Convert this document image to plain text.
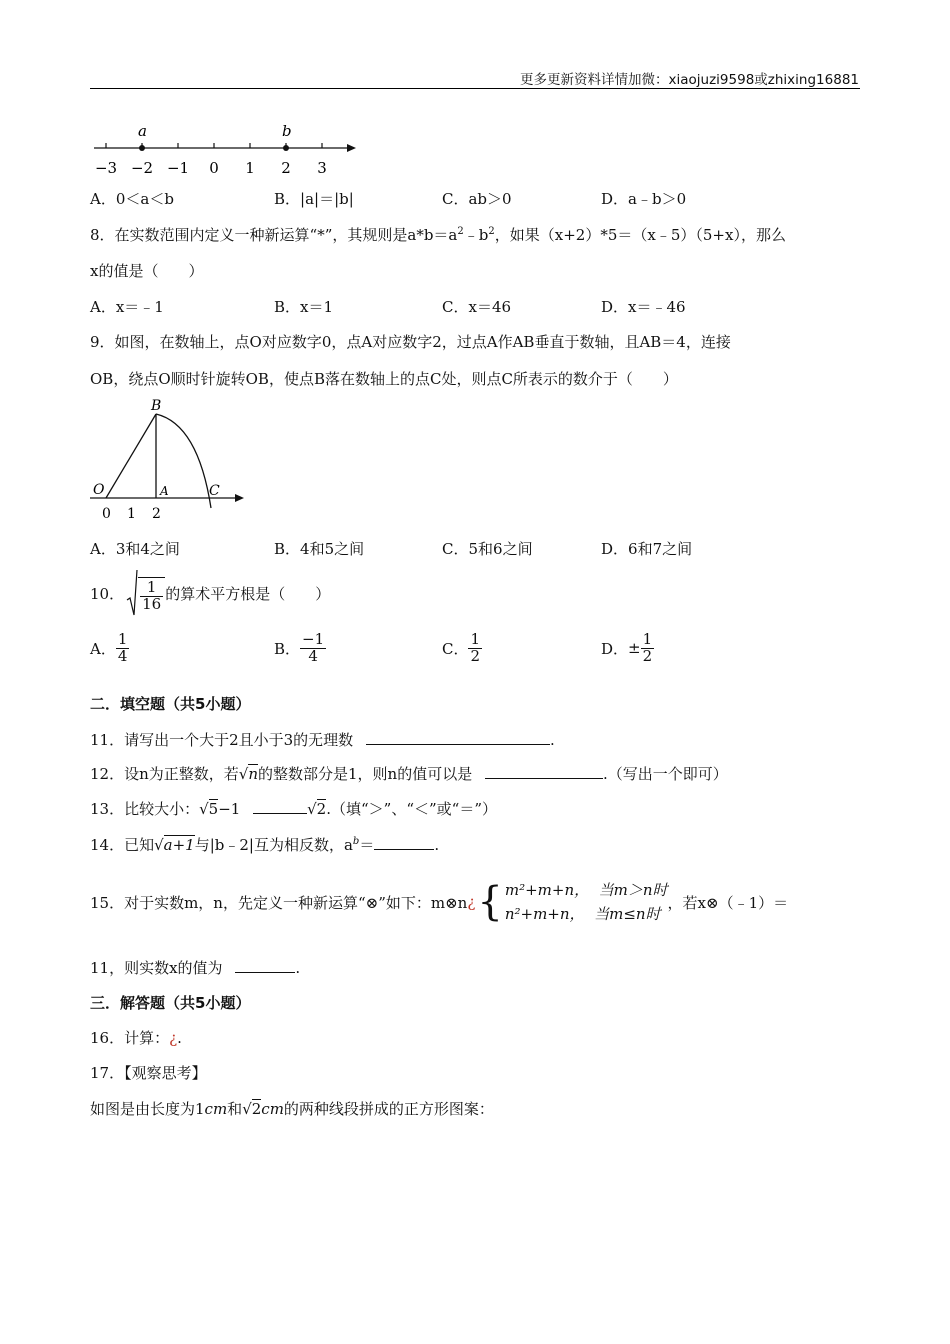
更多更新资料详情加微：xiaojuzi9598或zhixing16881
−3 −2 −1 0 1 2 3
a	b
A．0＜a＜b	B．|a|＝|b|	C．ab＞0	D．a﹣b＞0
8．在实数范围内定义一种新运算“*”，其规则是$a*b=a^2﹣b^2$，如果（x+2）*5＝（x﹣5）（5+x），那么
x的值是（　　）
A．x＝﹣1	B．x＝1	C．x＝46	D．x＝﹣46
9．如图，在数轴上，点O对应数字0，点A对应数字2，过点A作AB垂直于数轴，且AB＝4，连接
OB，绕点O顺时针旋转OB，使点B落在数轴上的点C处，则点C所表示的数介于（　　）
O	A
B
C
0 1 2
A．3和4之间	B．4和5之间	C．5和6之间	D．6和7之间
10． $\frac{1}{16}$ 的算术平方根是（　　）
A． $\frac{1}{4}$	B． $\frac{-1}{4}$	C． $\frac{1}{2}$	D． ± $\frac{1}{2}$
二．填空题（共5小题）
11．请写出一个大于2且小于3的无理数	.
12．设n为正整数，若√n的整数部分是1，则n的值可以是	.（写出一个即可）
13．比较大小：√5−1	√2.（填“＞”、“＜”或“＝”）
14．已知√a+1与|b﹣2|互为相反数，$a^b=$	.
15．对于实数m，n，先定义一种新运算“⊗”如下：m⊗n ¿ { m²+m+n， 当m＞n时
n²+m+n， 当m≤n时
，若x⊗（﹣1）＝
11，则实数x的值为	.
三．解答题（共5小题）
16．计算：¿.
17．【观察思考】
如图是由长度为1cm和√2cm的两种线段拼成的正方形图案：
